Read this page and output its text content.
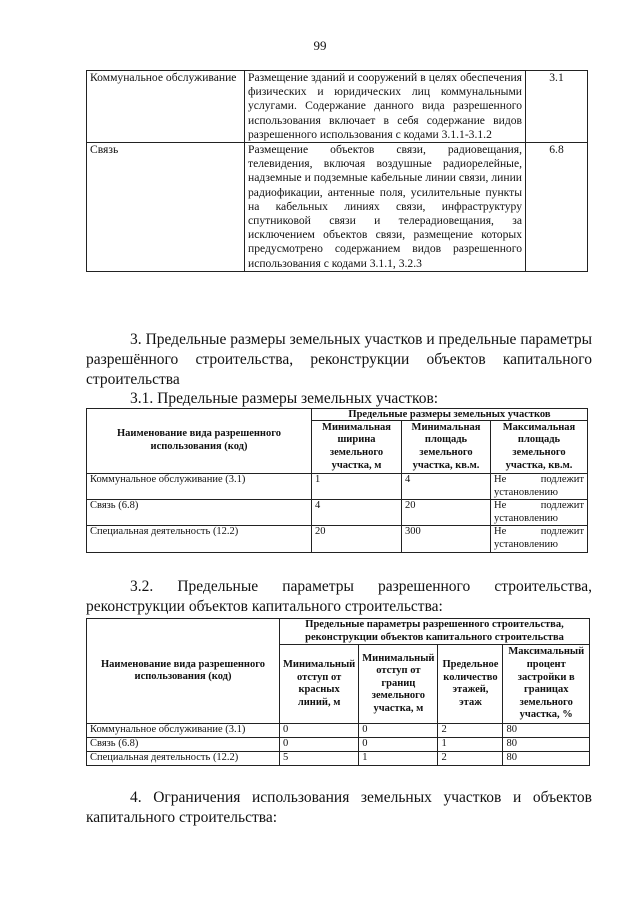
99
Коммунальное обслуживание	Размещение зданий и сооружений в целях обеспечения физических и юридических лиц коммунальными услугами. Содержание данного вида разрешенного использования включает в себя содержание видов разрешенного использования с кодами 3.1.1-3.1.2	3.1
Связь	Размещение объектов связи, радиовещания, телевидения, включая воздушные радиорелейные, надземные и подземные кабельные линии связи, линии радиофикации, антенные поля, усилительные пункты на кабельных линиях связи, инфраструктуру спутниковой связи и телерадиовещания, за исключением объектов связи, размещение которых предусмотрено содержанием видов разрешенного использования с кодами 3.1.1, 3.2.3	6.8
3. Предельные размеры земельных участков и предельные параметры разрешённого строительства, реконструкции объектов капитального строительства
3.1. Предельные размеры земельных участков:
Наименование вида разрешенного использования (код)	Предельные размеры земельных участков		
	Минимальная ширина земельного участка, м	Минимальная площадь земельного участка, кв.м.	Максимальная площадь земельного участка, кв.м.
Коммунальное обслуживание (3.1)	1	4	Не подлежит установлению
Связь (6.8)	4	20	Не подлежит установлению
Специальная деятельность (12.2)	20	300	Не подлежит установлению
3.2. Предельные параметры разрешенного строительства, реконструкции объектов капитального строительства:
Наименование вида разрешенного использования (код)	Предельные параметры разрешенного строительства, реконструкции объектов капитального строительства			
	Минимальный отступ от красных линий, м	Минимальный отступ от границ земельного участка, м	Предельное количество этажей, этаж	Максимальный процент застройки в границах земельного участка, %
Коммунальное обслуживание (3.1)	0	0	2	80
Связь (6.8)	0	0	1	80
Специальная деятельность (12.2)	5	1	2	80
4. Ограничения использования земельных участков и объектов капитального строительства:
